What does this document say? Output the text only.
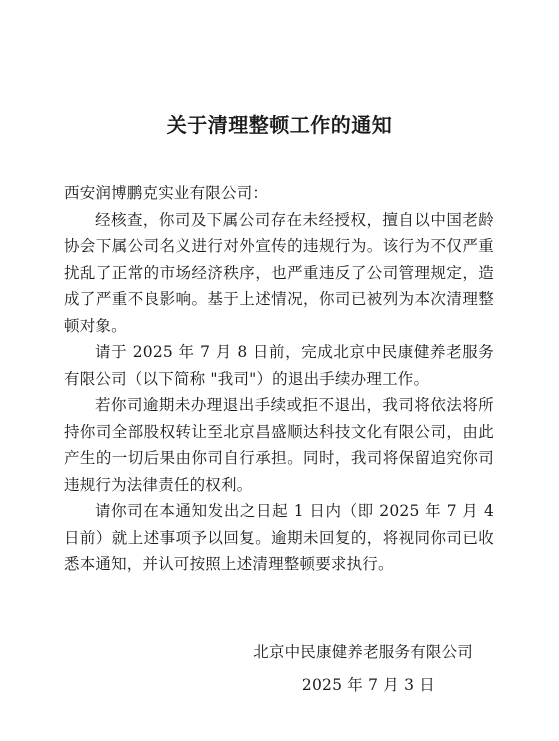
关于清理整顿工作的通知

西安润博鹏克实业有限公司：

经核查，你司及下属公司存在未经授权，擅自以中国老龄协会下属公司名义进行对外宣传的违规行为。该行为不仅严重扰乱了正常的市场经济秩序，也严重违反了公司管理规定，造成了严重不良影响。基于上述情况，你司已被列为本次清理整顿对象。

请于 2025 年 7 月 8 日前，完成北京中民康健养老服务有限公司（以下简称 "我司"）的退出手续办理工作。

若你司逾期未办理退出手续或拒不退出，我司将依法将所持你司全部股权转让至北京昌盛顺达科技文化有限公司，由此产生的一切后果由你司自行承担。同时，我司将保留追究你司违规行为法律责任的权利。

请你司在本通知发出之日起 1 日内（即 2025 年 7 月 4 日前）就上述事项予以回复。逾期未回复的，将视同你司已收悉本通知，并认可按照上述清理整顿要求执行。

北京中民康健养老服务有限公司
2025 年 7 月 3 日
